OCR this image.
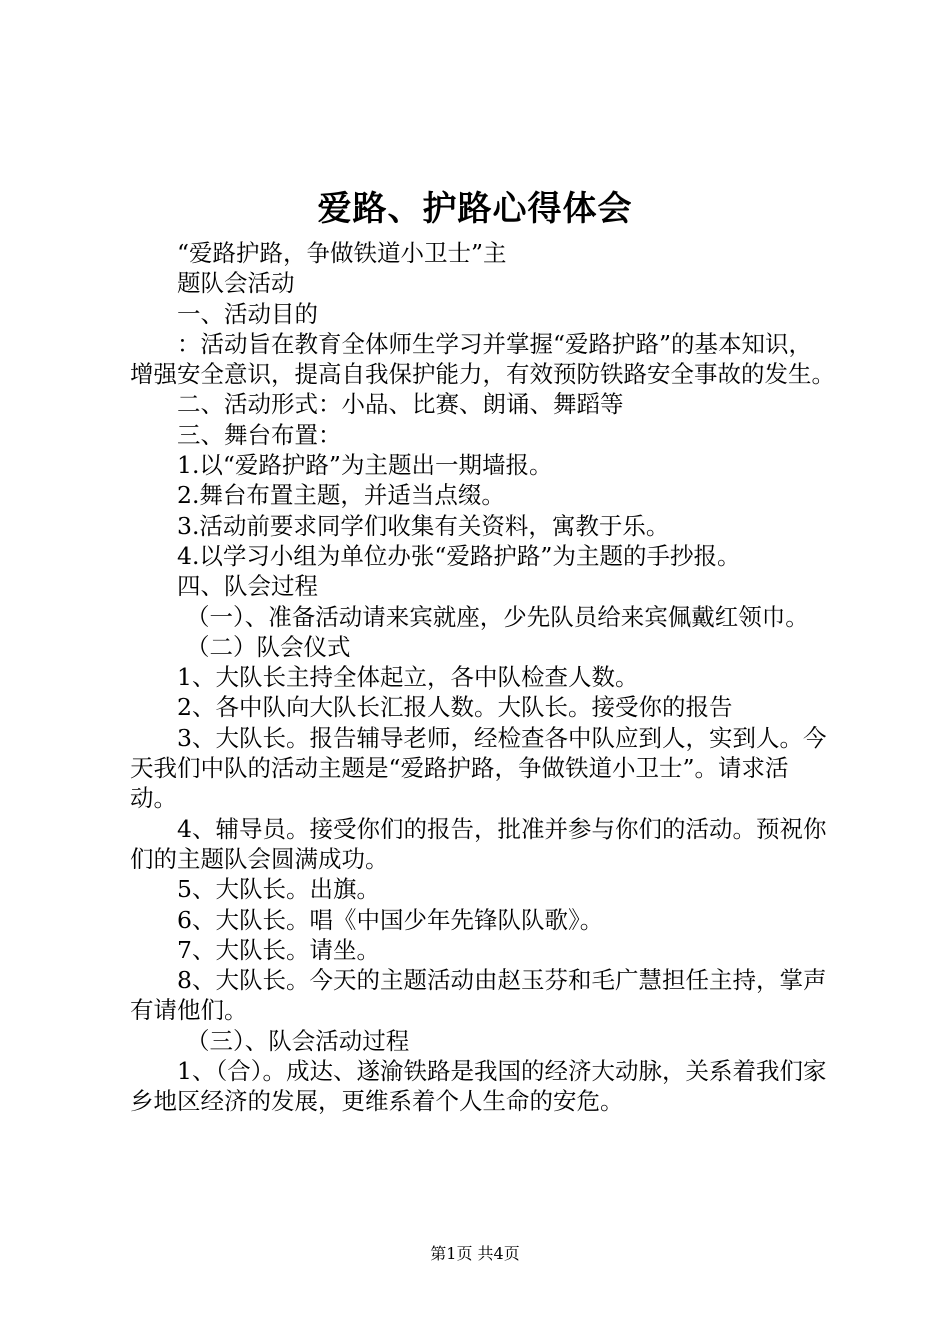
爱路、护路心得体会

“爱路护路，争做铁道小卫士”主

题队会活动

一、活动目的

：活动旨在教育全体师生学习并掌握“爱路护路”的基本知识，增强安全意识，提高自我保护能力，有效预防铁路安全事故的发生。

二、活动形式：小品、比赛、朗诵、舞蹈等

三、舞台布置：

1.以“爱路护路”为主题出一期墙报。

2.舞台布置主题，并适当点缀。

3.活动前要求同学们收集有关资料，寓教于乐。

4.以学习小组为单位办张“爱路护路”为主题的手抄报。

四、队会过程

（一）、准备活动请来宾就座，少先队员给来宾佩戴红领巾。

（二）队会仪式

1、大队长主持全体起立，各中队检查人数。

2、各中队向大队长汇报人数。大队长。接受你的报告

3、大队长。报告辅导老师，经检查各中队应到人，实到人。今天我们中队的活动主题是“爱路护路，争做铁道小卫士”。请求活动。

4、辅导员。接受你们的报告，批准并参与你们的活动。预祝你们的主题队会圆满成功。

5、大队长。出旗。

6、大队长。唱《中国少年先锋队队歌》。

7、大队长。请坐。

8、大队长。今天的主题活动由赵玉芬和毛广慧担任主持，掌声有请他们。

（三）、队会活动过程

1、（合）。成达、遂渝铁路是我国的经济大动脉，关系着我们家乡地区经济的发展，更维系着个人生命的安危。

第1页 共4页
